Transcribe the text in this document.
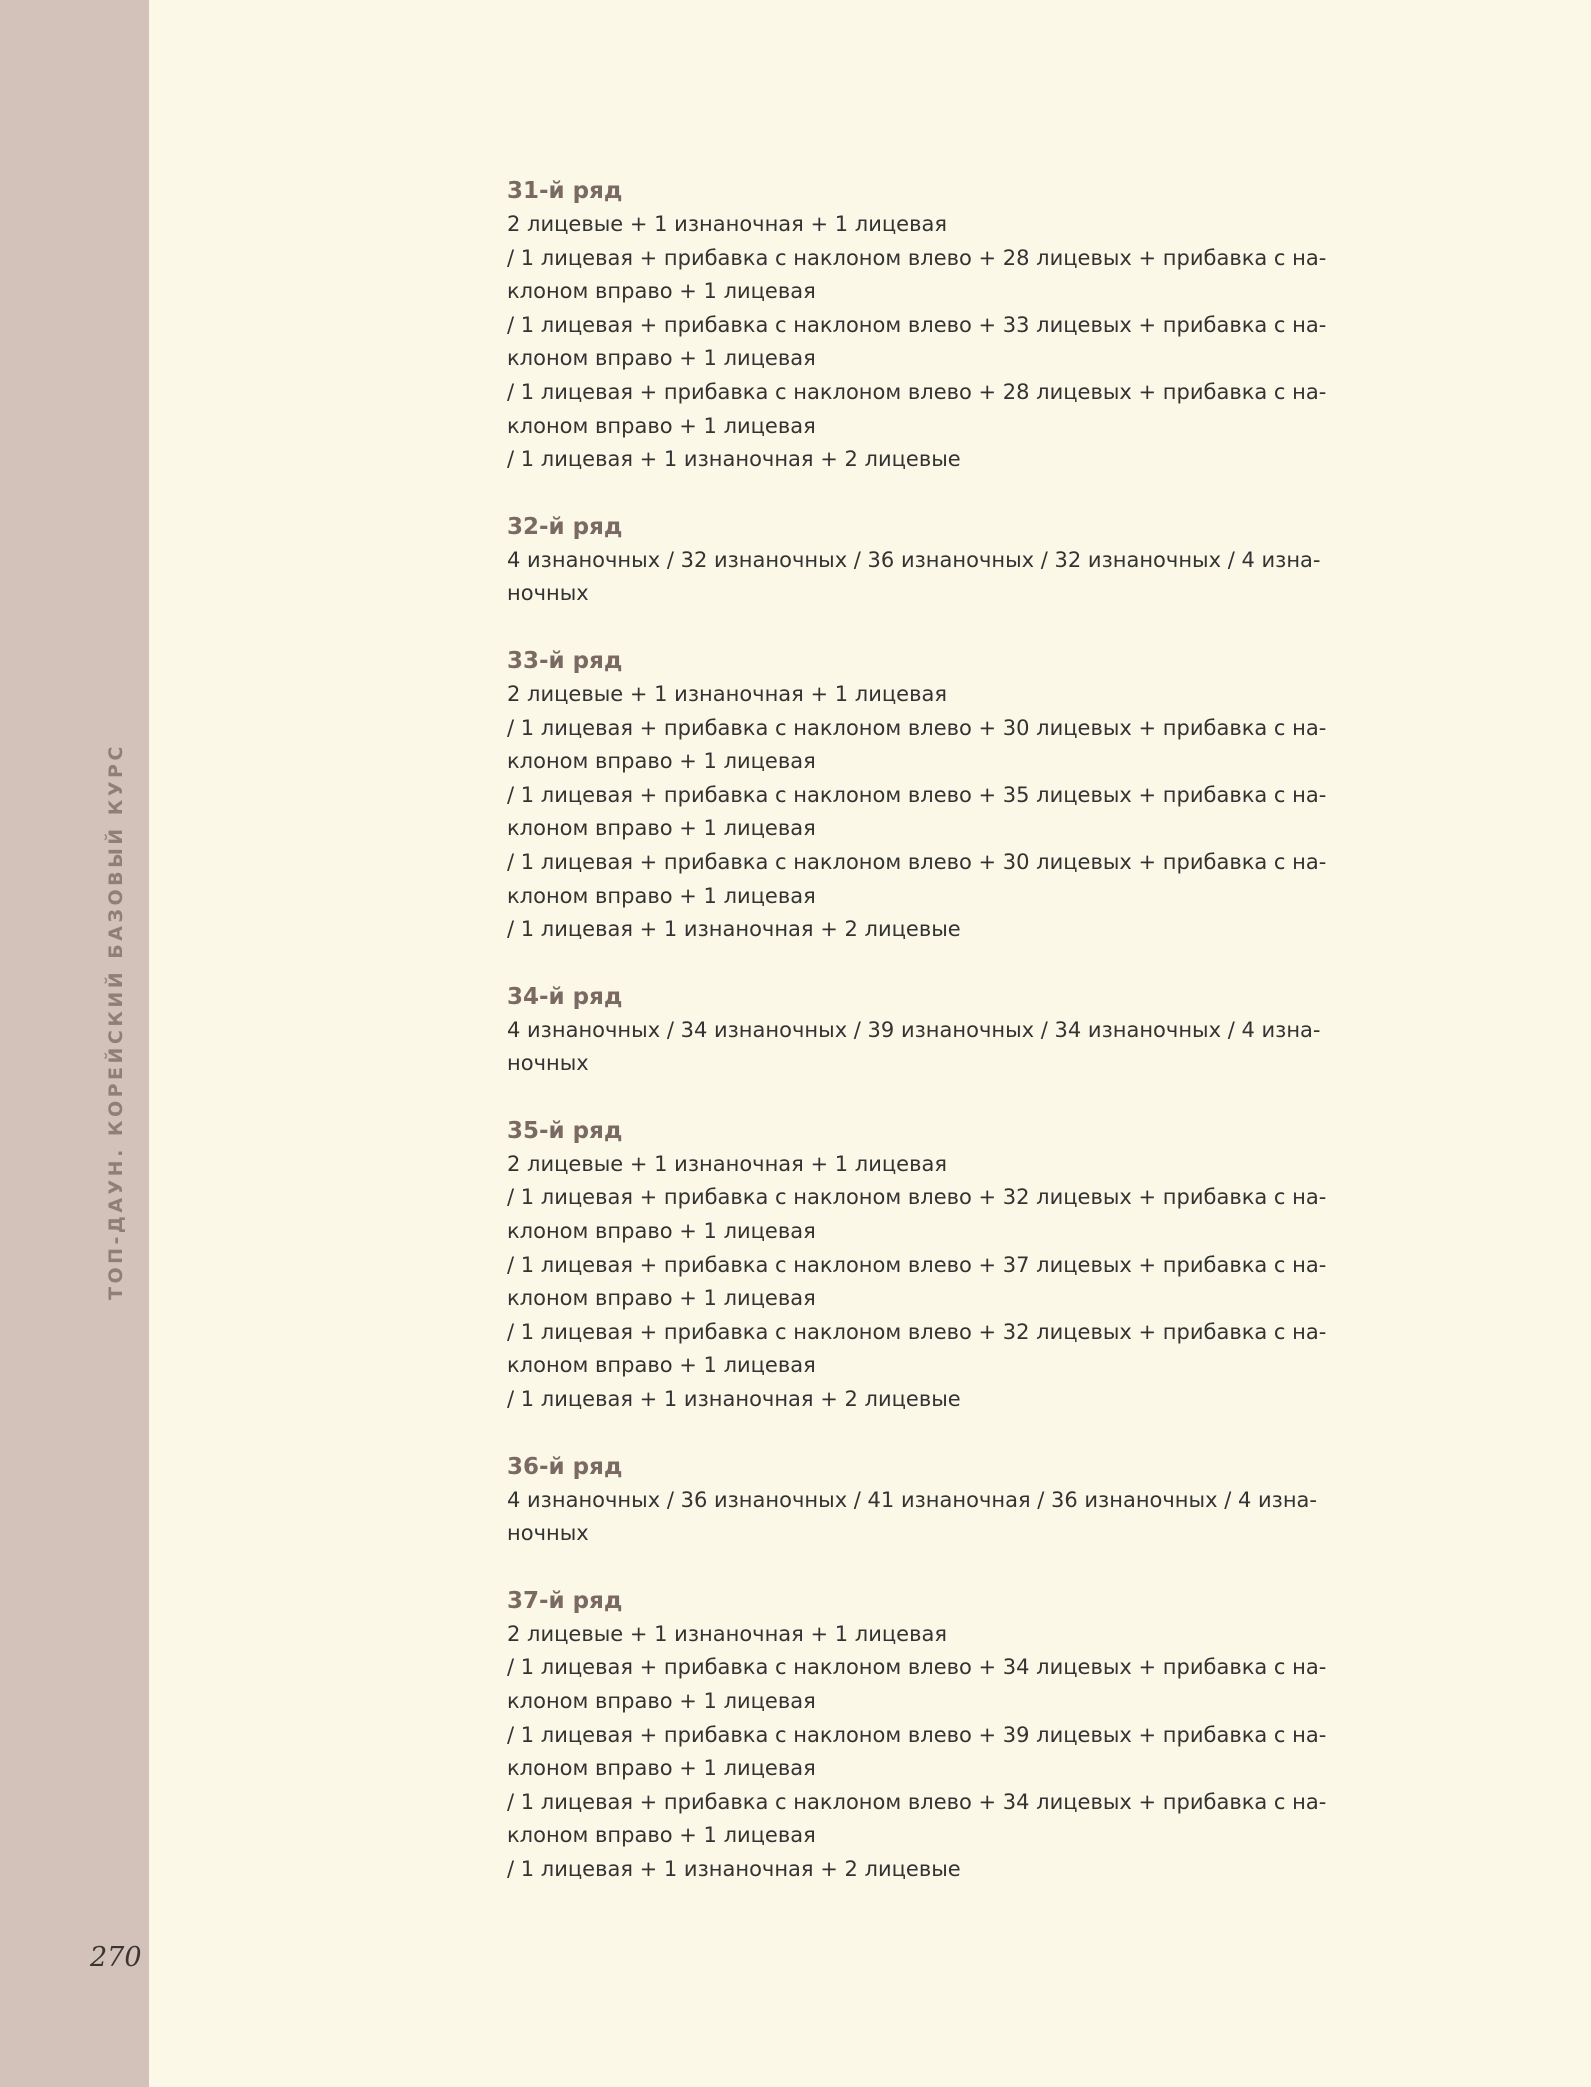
ТОП-ДАУН. КОРЕЙСКИЙ БАЗОВЫЙ КУРС
270
31-й ряд
2 лицевые + 1 изнаночная + 1 лицевая
/ 1 лицевая + прибавка с наклоном влево + 28 лицевых + прибавка с на-
клоном вправо + 1 лицевая
/ 1 лицевая + прибавка с наклоном влево + 33 лицевых + прибавка с на-
клоном вправо + 1 лицевая
/ 1 лицевая + прибавка с наклоном влево + 28 лицевых + прибавка с на-
клоном вправо + 1 лицевая
/ 1 лицевая + 1 изнаночная + 2 лицевые
32-й ряд
4 изнаночных / 32 изнаночных / 36 изнаночных / 32 изнаночных / 4 изна-
ночных
33-й ряд
2 лицевые + 1 изнаночная + 1 лицевая
/ 1 лицевая + прибавка с наклоном влево + 30 лицевых + прибавка с на-
клоном вправо + 1 лицевая
/ 1 лицевая + прибавка с наклоном влево + 35 лицевых + прибавка с на-
клоном вправо + 1 лицевая
/ 1 лицевая + прибавка с наклоном влево + 30 лицевых + прибавка с на-
клоном вправо + 1 лицевая
/ 1 лицевая + 1 изнаночная + 2 лицевые
34-й ряд
4 изнаночных / 34 изнаночных / 39 изнаночных / 34 изнаночных / 4 изна-
ночных
35-й ряд
2 лицевые + 1 изнаночная + 1 лицевая
/ 1 лицевая + прибавка с наклоном влево + 32 лицевых + прибавка с на-
клоном вправо + 1 лицевая
/ 1 лицевая + прибавка с наклоном влево + 37 лицевых + прибавка с на-
клоном вправо + 1 лицевая
/ 1 лицевая + прибавка с наклоном влево + 32 лицевых + прибавка с на-
клоном вправо + 1 лицевая
/ 1 лицевая + 1 изнаночная + 2 лицевые
36-й ряд
4 изнаночных / 36 изнаночных / 41 изнаночная / 36 изнаночных / 4 изна-
ночных
37-й ряд
2 лицевые + 1 изнаночная + 1 лицевая
/ 1 лицевая + прибавка с наклоном влево + 34 лицевых + прибавка с на-
клоном вправо + 1 лицевая
/ 1 лицевая + прибавка с наклоном влево + 39 лицевых + прибавка с на-
клоном вправо + 1 лицевая
/ 1 лицевая + прибавка с наклоном влево + 34 лицевых + прибавка с на-
клоном вправо + 1 лицевая
/ 1 лицевая + 1 изнаночная + 2 лицевые
